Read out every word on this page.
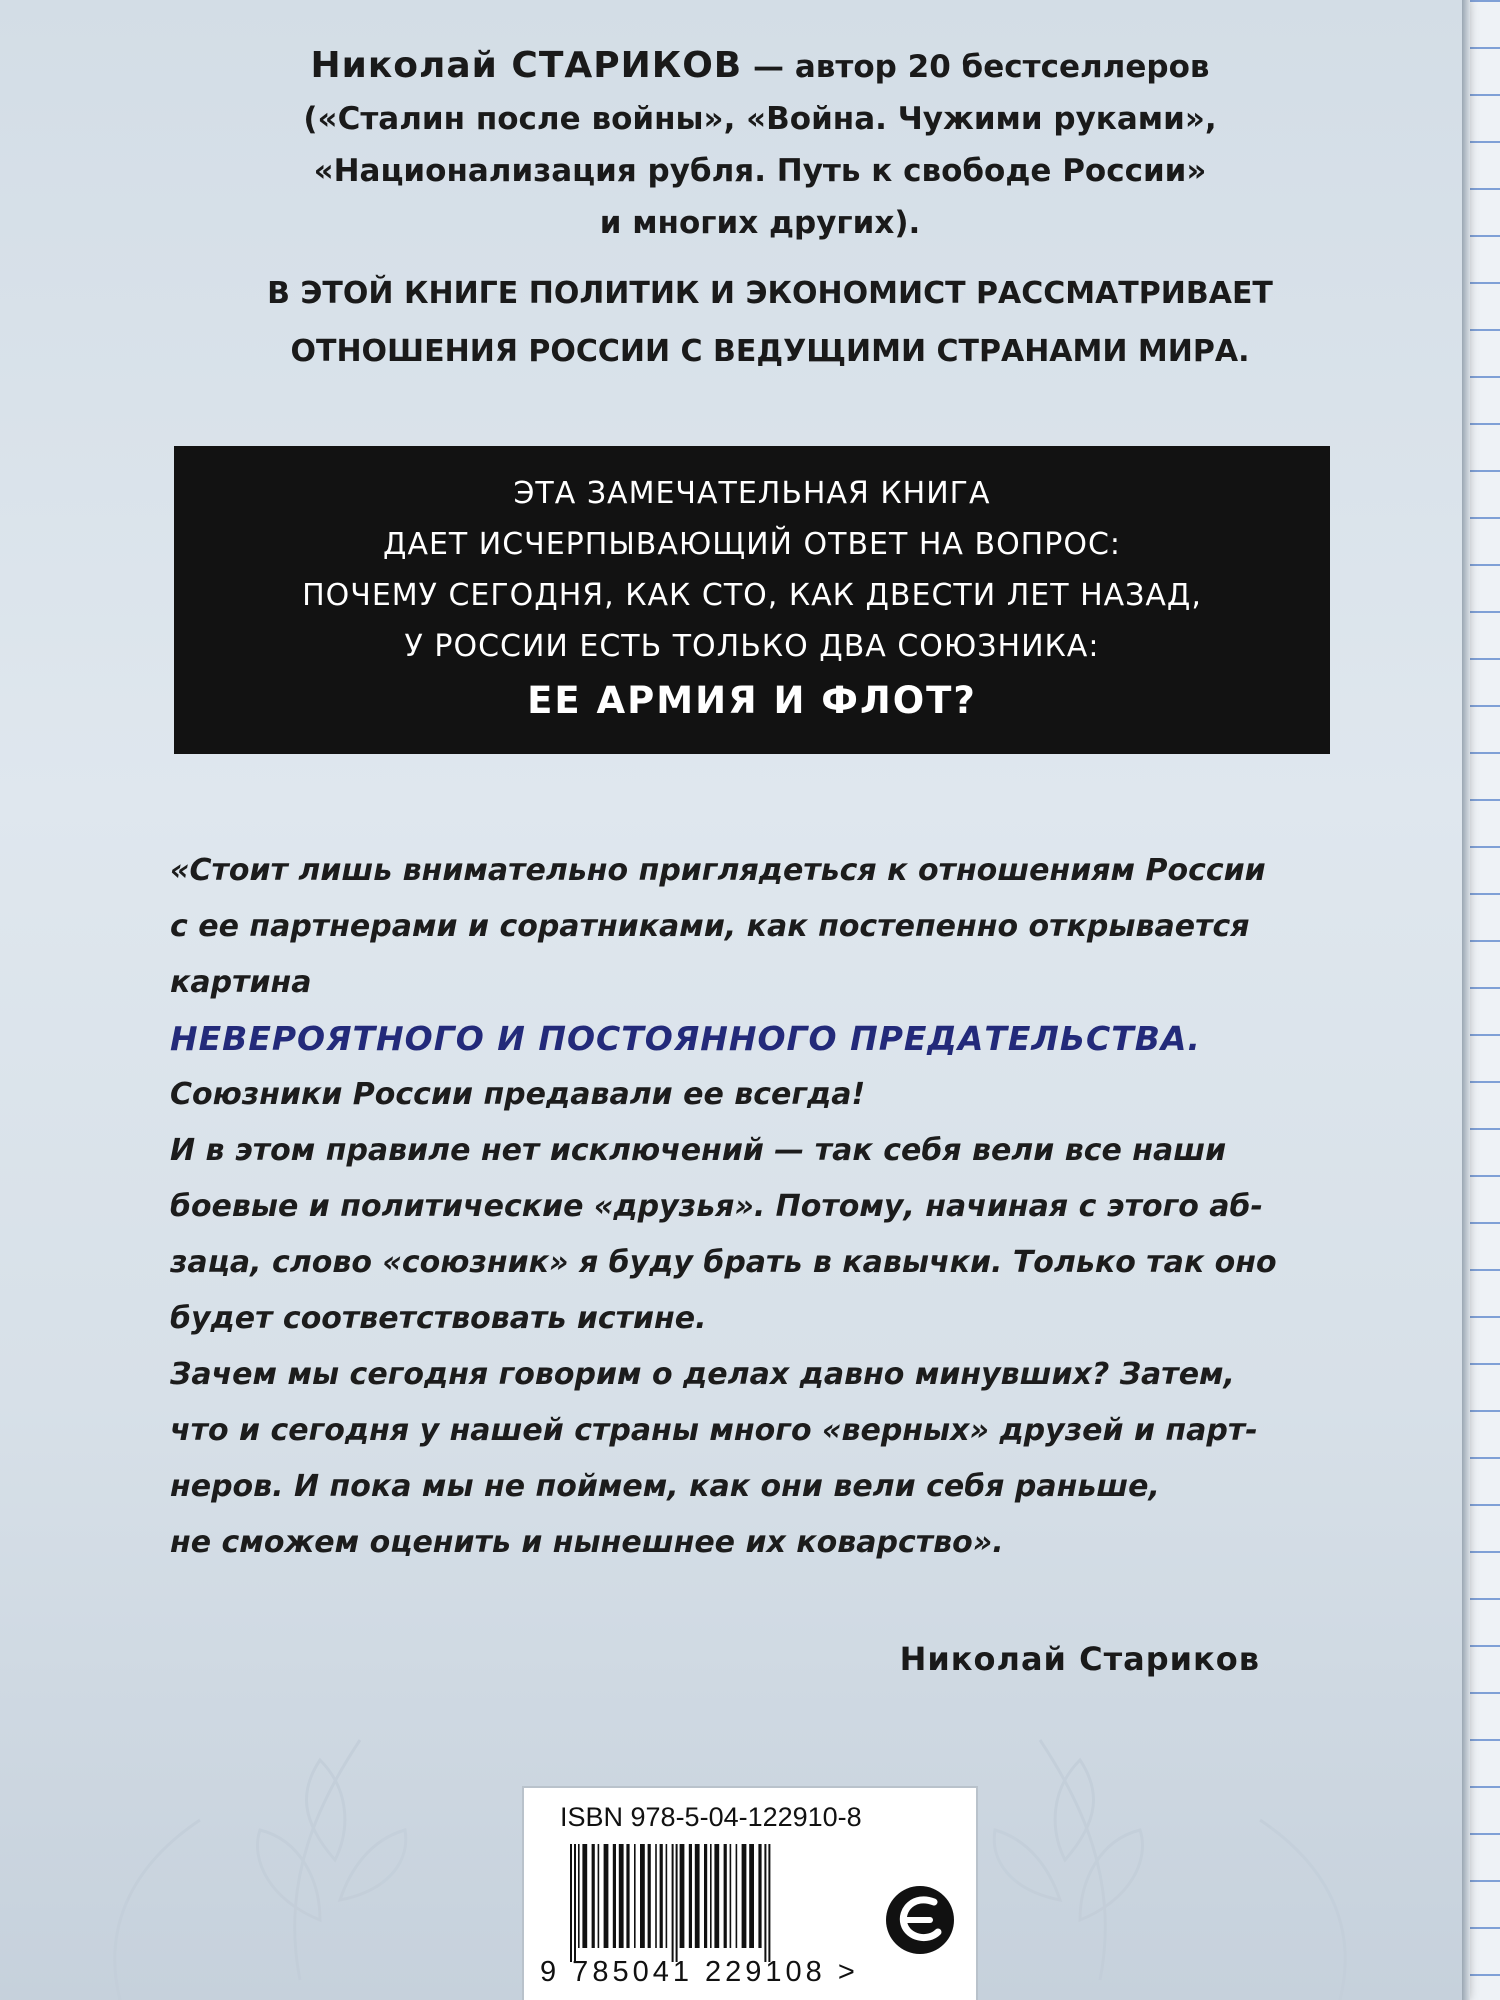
Николай СТАРИКОВ — автор 20 бестселлеров
(«Сталин после войны», «Война. Чужими руками»,
«Национализация рубля. Путь к свободе России»
и многих других).
В ЭТОЙ КНИГЕ ПОЛИТИК И ЭКОНОМИСТ РАССМАТРИВАЕТ
ОТНОШЕНИЯ РОССИИ С ВЕДУЩИМИ СТРАНАМИ МИРА.
ЭТА ЗАМЕЧАТЕЛЬНАЯ КНИГА
ДАЕТ ИСЧЕРПЫВАЮЩИЙ ОТВЕТ НА ВОПРОС:
ПОЧЕМУ СЕГОДНЯ, КАК СТО, КАК ДВЕСТИ ЛЕТ НАЗАД,
У РОССИИ ЕСТЬ ТОЛЬКО ДВА СОЮЗНИКА:
ЕЕ АРМИЯ И ФЛОТ?
«Стоит лишь внимательно приглядеться к отношениям России
с ее партнерами и соратниками, как постепенно открывается
картина
НЕВЕРОЯТНОГО И ПОСТОЯННОГО ПРЕДАТЕЛЬСТВА.
Союзники России предавали ее всегда!
И в этом правиле нет исключений — так себя вели все наши
боевые и политические «друзья». Потому, начиная с этого аб-
заца, слово «союзник» я буду брать в кавычки. Только так оно
будет соответствовать истине.
Зачем мы сегодня говорим о делах давно минувших? Затем,
что и сегодня у нашей страны много «верных» друзей и парт-
неров. И пока мы не поймем, как они вели себя раньше,
не сможем оценить и нынешнее их коварство».
Николай Стариков
ISBN 978-5-04-122910-8
9 785041 229108 >
